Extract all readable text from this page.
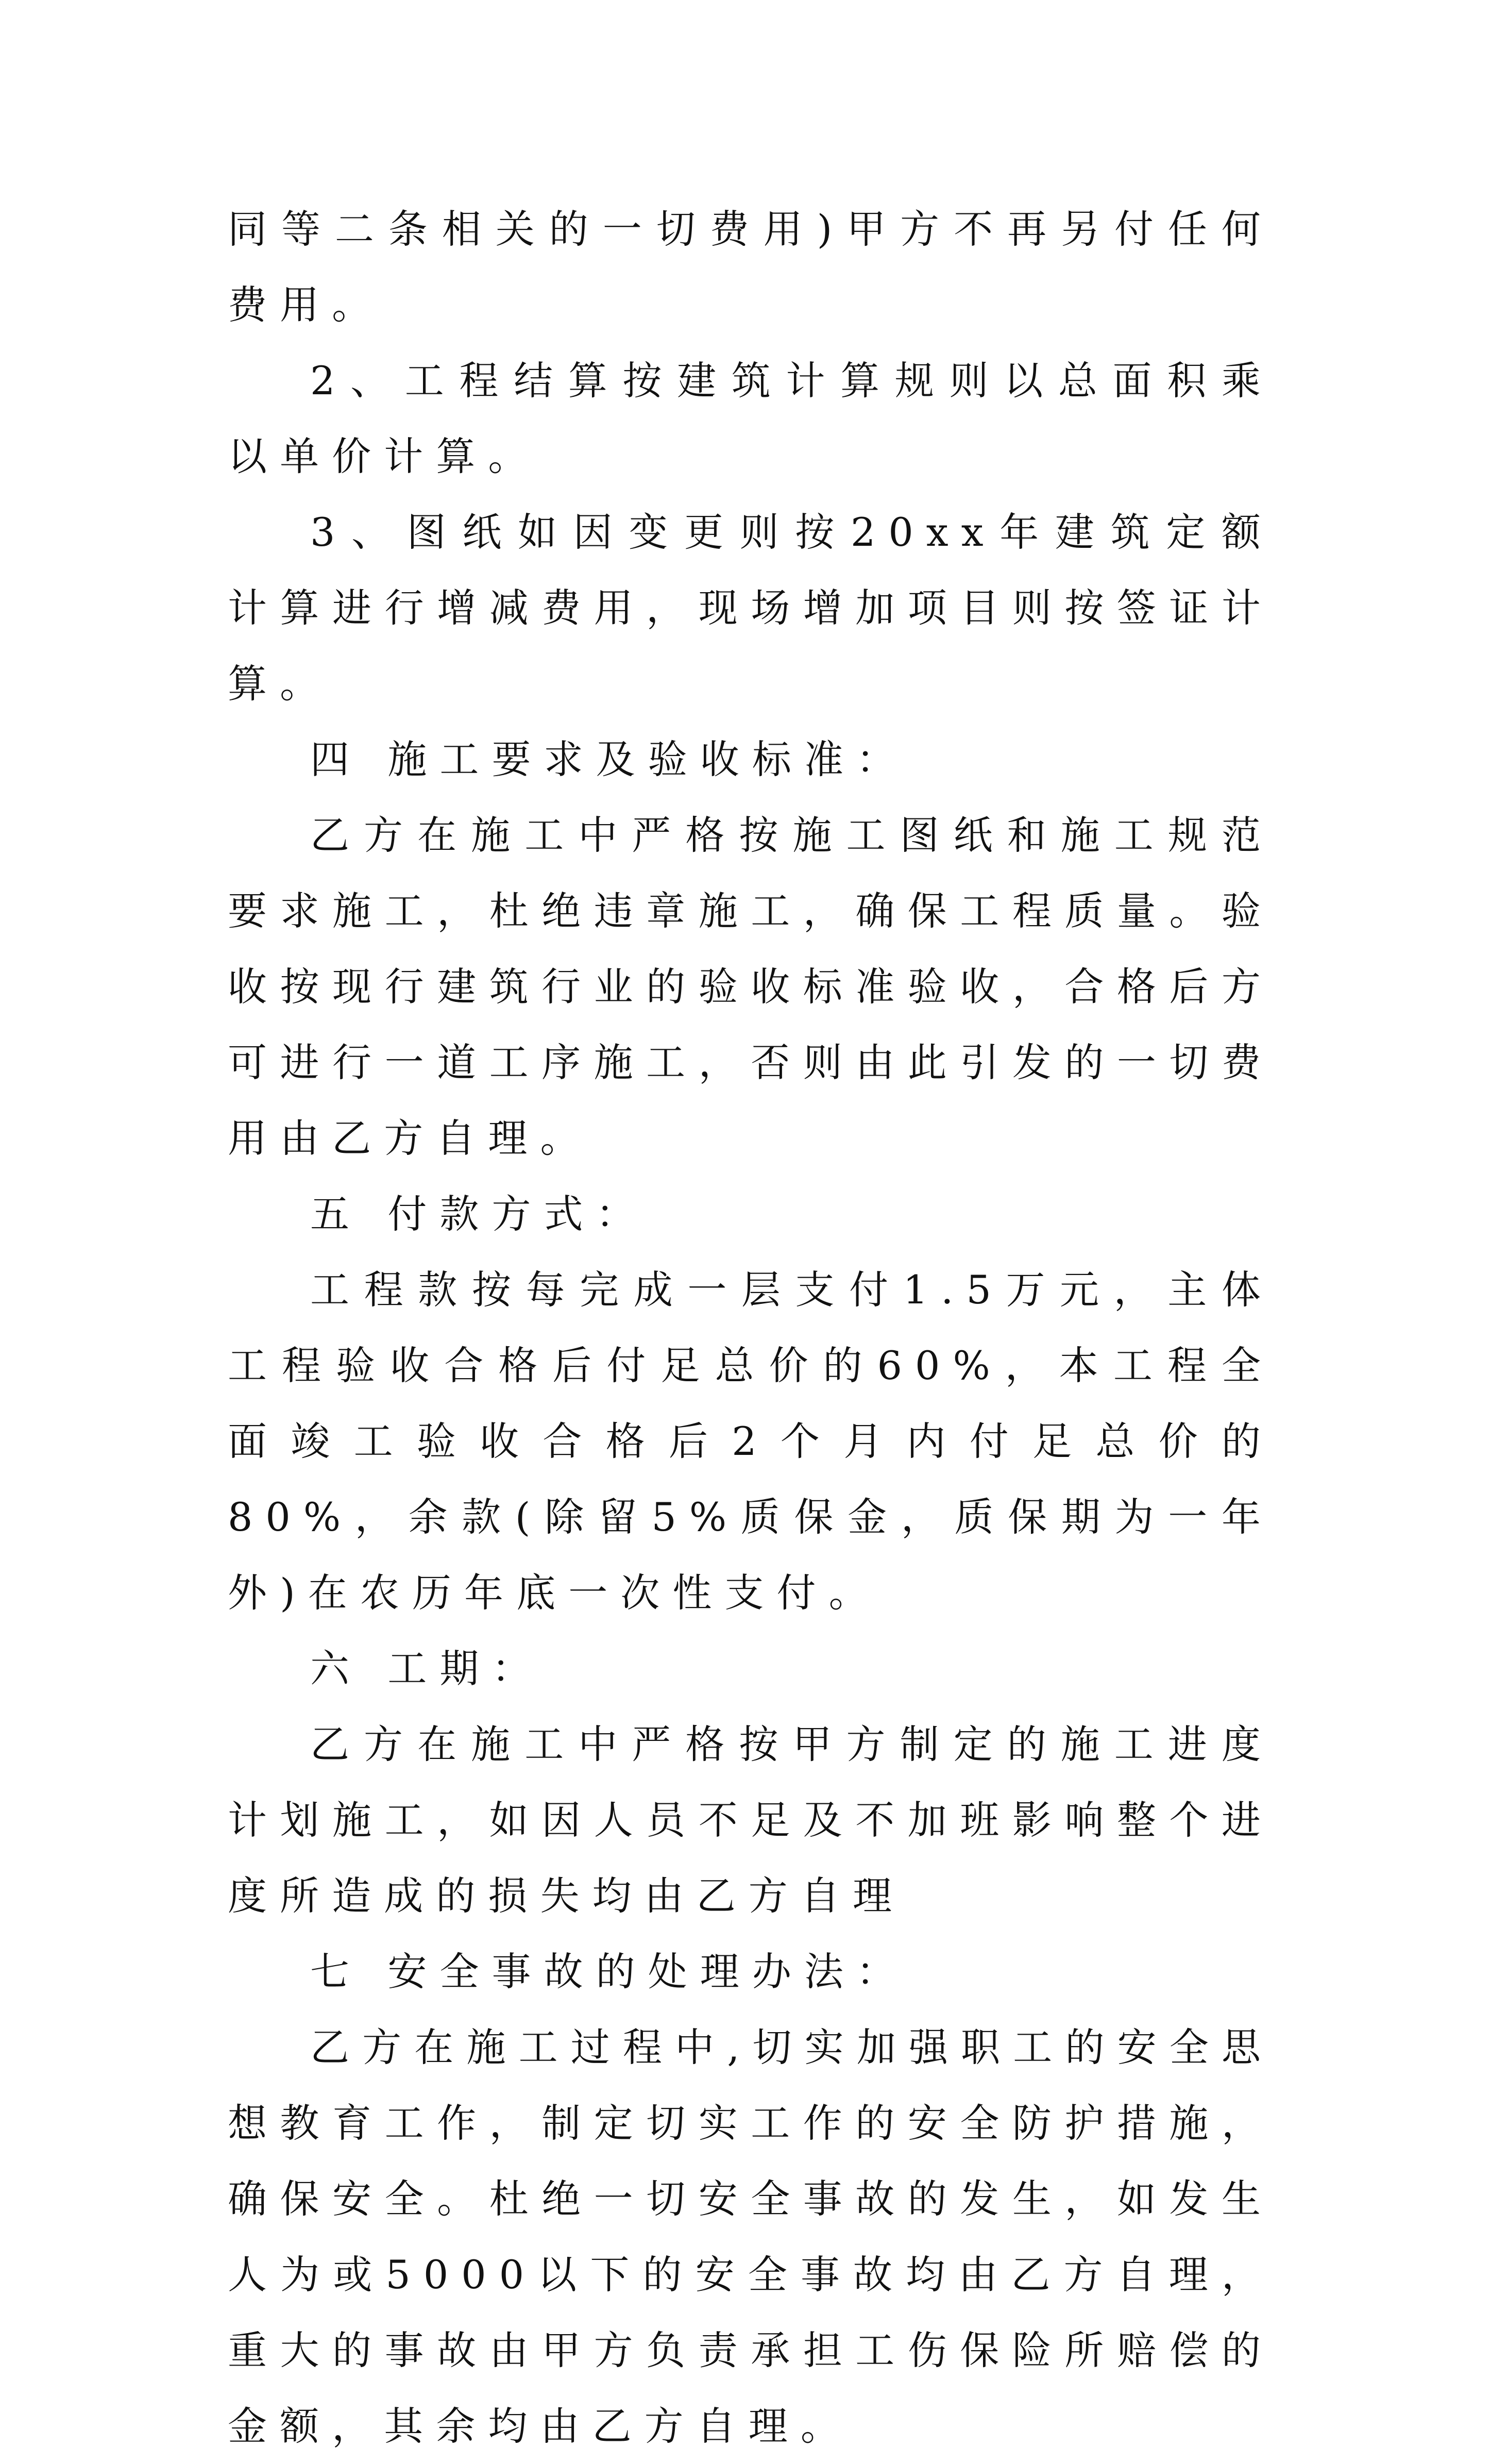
同等二条相关的一切费用)甲方不再另付任何费用。

2、工程结算按建筑计算规则以总面积乘以单价计算。

3、图纸如因变更则按20xx年建筑定额计算进行增减费用，现场增加项目则按签证计算。

四 施工要求及验收标准：

乙方在施工中严格按施工图纸和施工规范要求施工，杜绝违章施工，确保工程质量。验收按现行建筑行业的验收标准验收，合格后方可进行一道工序施工，否则由此引发的一切费用由乙方自理。

五 付款方式：

工程款按每完成一层支付1.5万元，主体工程验收合格后付足总价的60%，本工程全面竣工验收合格后2个月内付足总价的80%，余款(除留5%质保金，质保期为一年外)在农历年底一次性支付。

六 工期：

乙方在施工中严格按甲方制定的施工进度计划施工，如因人员不足及不加班影响整个进度所造成的损失均由乙方自理

七 安全事故的处理办法：

乙方在施工过程中,切实加强职工的安全思想教育工作，制定切实工作的安全防护措施，确保安全。杜绝一切安全事故的发生，如发生人为或5000以下的安全事故均由乙方自理，重大的事故由甲方负责承担工伤保险所赔偿的金额，其余均由乙方自理。
